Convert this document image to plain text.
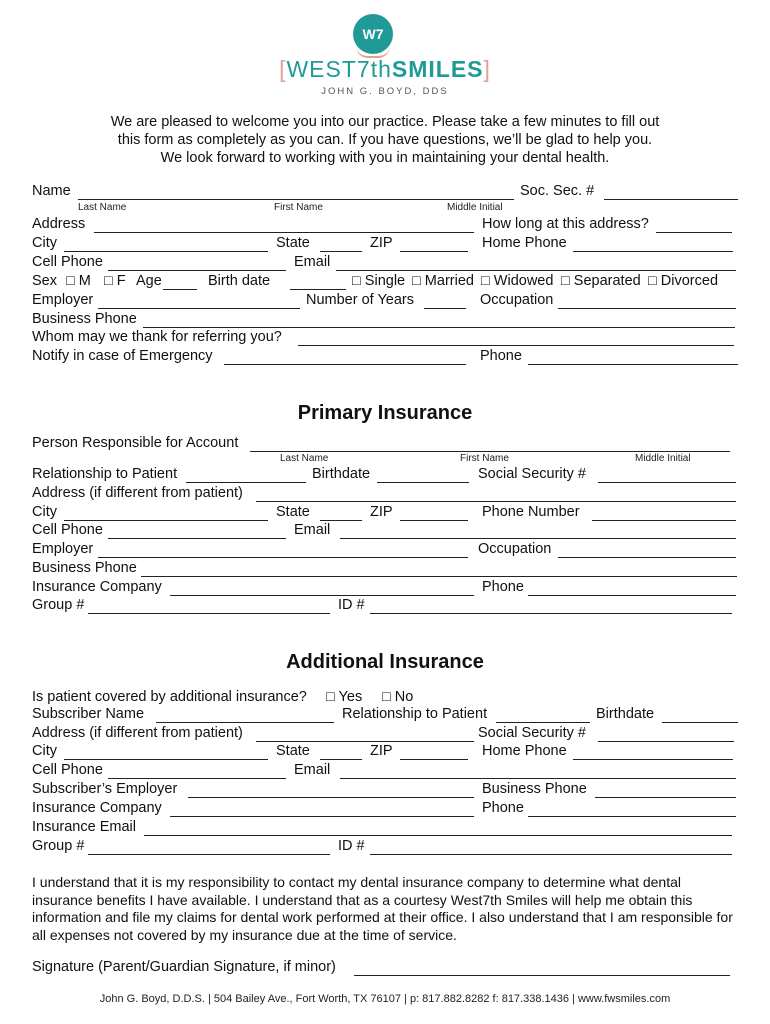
W7
[WEST7thSMILES]
JOHN G. BOYD, DDS
We are pleased to welcome you into our practice. Please take a few minutes to fill out
this form as completely as you can. If you have questions, we’ll be glad to help you.
We look forward to working with you in maintaining your dental health.
Name	Soc. Sec. #
Last Name	First Name	Middle Initial
Address	How long at this address?
City	State	ZIP	Home Phone
Cell Phone	Email
Sex □ M □ F Age	Birth date	□ Single □ Married □ Widowed □ Separated □ Divorced
Employer	Number of Years	Occupation
Business Phone
Whom may we thank for referring you?
Notify in case of Emergency	Phone
Primary Insurance
Person Responsible for Account
Last Name	First Name	Middle Initial
Relationship to Patient	Birthdate	Social Security #
Address (if different from patient)
City	State	ZIP	Phone Number
Cell Phone	Email
Employer	Occupation
Business Phone
Insurance Company	Phone
Group #	ID #
Additional Insurance
Is patient covered by additional insurance? □ Yes □ No
Subscriber Name	Relationship to Patient	Birthdate
Address (if different from patient)	Social Security #
City	State	ZIP	Home Phone
Cell Phone	Email
Subscriber’s Employer	Business Phone
Insurance Company	Phone
Insurance Email
Group #	ID #
I understand that it is my responsibility to contact my dental insurance company to determine what dental insurance benefits I have available. I understand that as a courtesy West7th Smiles will help me obtain this information and file my claims for dental work performed at their office. I also understand that I am responsible for all expenses not covered by my insurance due at the time of service.
Signature (Parent/Guardian Signature, if minor)
John G. Boyd, D.D.S. | 504 Bailey Ave., Fort Worth, TX 76107 | p: 817.882.8282 f: 817.338.1436 | www.fwsmiles.com
